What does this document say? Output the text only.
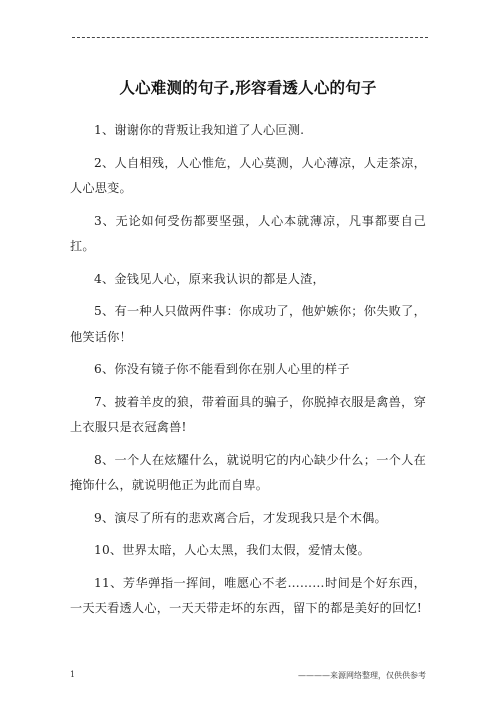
人心难测的句子,形容看透人心的句子

1、谢谢你的背叛让我知道了人心叵测.

2、人自相残，人心惟危，人心莫测，人心薄凉，人走茶凉，人心思变。

3、无论如何受伤都要坚强，人心本就薄凉，凡事都要自己扛。

4、金钱见人心，原来我认识的都是人渣，

5、有一种人只做两件事：你成功了，他妒嫉你；你失败了，他笑话你！

6、你没有镜子你不能看到你在别人心里的样子

7、披着羊皮的狼，带着面具的骗子，你脱掉衣服是禽兽，穿上衣服只是衣冠禽兽!

8、一个人在炫耀什么，就说明它的内心缺少什么；一个人在掩饰什么，就说明他正为此而自卑。

9、演尽了所有的悲欢离合后，才发现我只是个木偶。

10、世界太暗，人心太黑，我们太假，爱情太傻。

11、芳华弹指一挥间，唯愿心不老………时间是个好东西，一天天看透人心，一天天带走坏的东西，留下的都是美好的回忆!

1	————来源网络整理，仅供供参考
